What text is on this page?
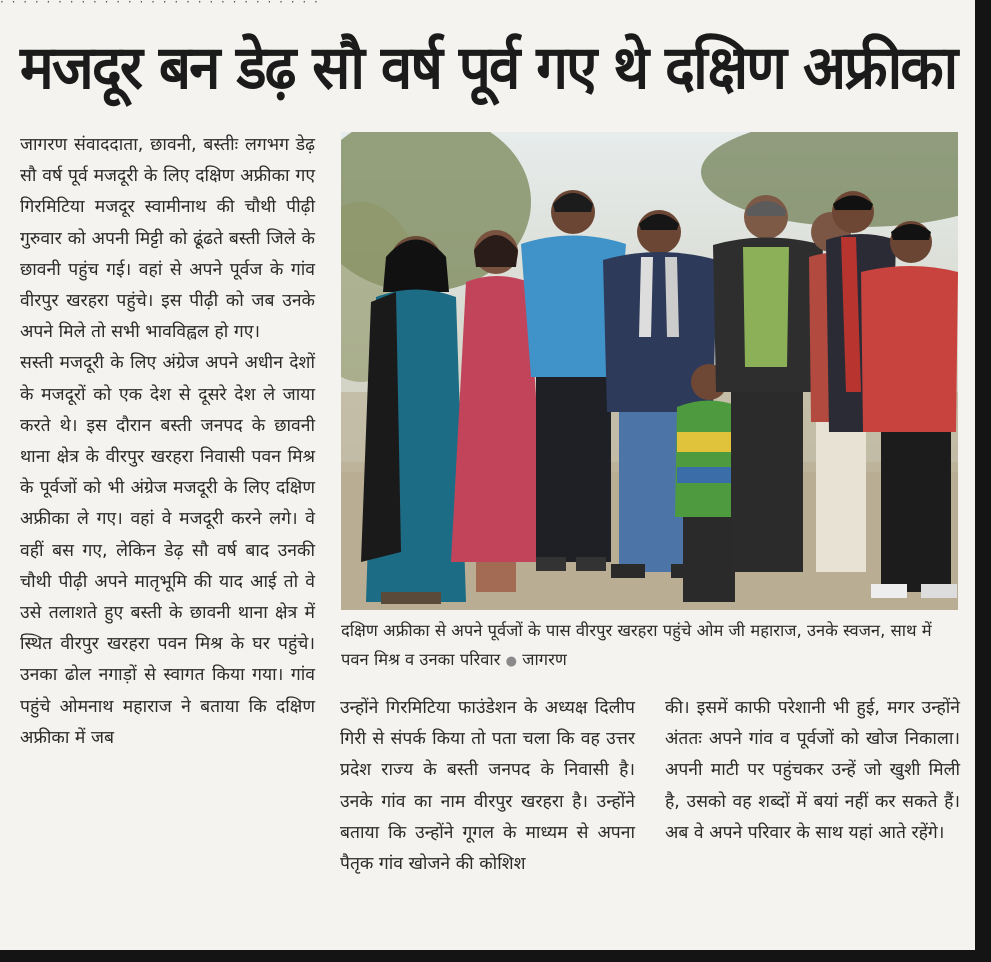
· · · · · · · · · · · · · · · · · · · · · · · · · · · ·
मजदूर बन डेढ़ सौ वर्ष पूर्व गए थे दक्षिण अफ्रीका

जागरण संवाददाता, छावनी, बस्तीः लगभग डेढ़ सौ वर्ष पूर्व मजदूरी के लिए दक्षिण अफ्रीका गए गिरमिटिया मजदूर स्वामीनाथ की चौथी पीढ़ी गुरुवार को अपनी मिट्टी को ढूंढते बस्ती जिले के छावनी पहुंच गई। वहां से अपने पूर्वज के गांव वीरपुर खरहरा पहुंचे। इस पीढ़ी को जब उनके अपने मिले तो सभी भावविह्वल हो गए।

सस्ती मजदूरी के लिए अंग्रेज अपने अधीन देशों के मजदूरों को एक देश से दूसरे देश ले जाया करते थे। इस दौरान बस्ती जनपद के छावनी थाना क्षेत्र के वीरपुर खरहरा निवासी पवन मिश्र के पूर्वजों को भी अंग्रेज मजदूरी के लिए दक्षिण अफ्रीका ले गए। वहां वे मजदूरी करने लगे। वे वहीं बस गए, लेकिन डेढ़ सौ वर्ष बाद उनकी चौथी पीढ़ी अपने मातृभूमि की याद आई तो वे उसे तलाशते हुए बस्ती के छावनी थाना क्षेत्र में स्थित वीरपुर खरहरा पवन मिश्र के घर पहुंचे। उनका ढोल नगाड़ों से स्वागत किया गया। गांव पहुंचे ओमनाथ महाराज ने बताया कि दक्षिण अफ्रीका में जब

दक्षिण अफ्रीका से अपने पूर्वजों के पास वीरपुर खरहरा पहुंचे ओम जी महाराज, उनके स्वजन, साथ में पवन मिश्र व उनका परिवार ● जागरण

उन्होंने गिरमिटिया फाउंडेशन के अध्यक्ष दिलीप गिरी से संपर्क किया तो पता चला कि वह उत्तर प्रदेश राज्य के बस्ती जनपद के निवासी है। उनके गांव का नाम वीरपुर खरहरा है। उन्होंने बताया कि उन्होंने गूगल के माध्यम से अपना पैतृक गांव खोजने की कोशिश

की। इसमें काफी परेशानी भी हुई, मगर उन्होंने अंततः अपने गांव व पूर्वजों को खोज निकाला। अपनी माटी पर पहुंचकर उन्हें जो खुशी मिली है, उसको वह शब्दों में बयां नहीं कर सकते हैं। अब वे अपने परिवार के साथ यहां आते रहेंगे।
